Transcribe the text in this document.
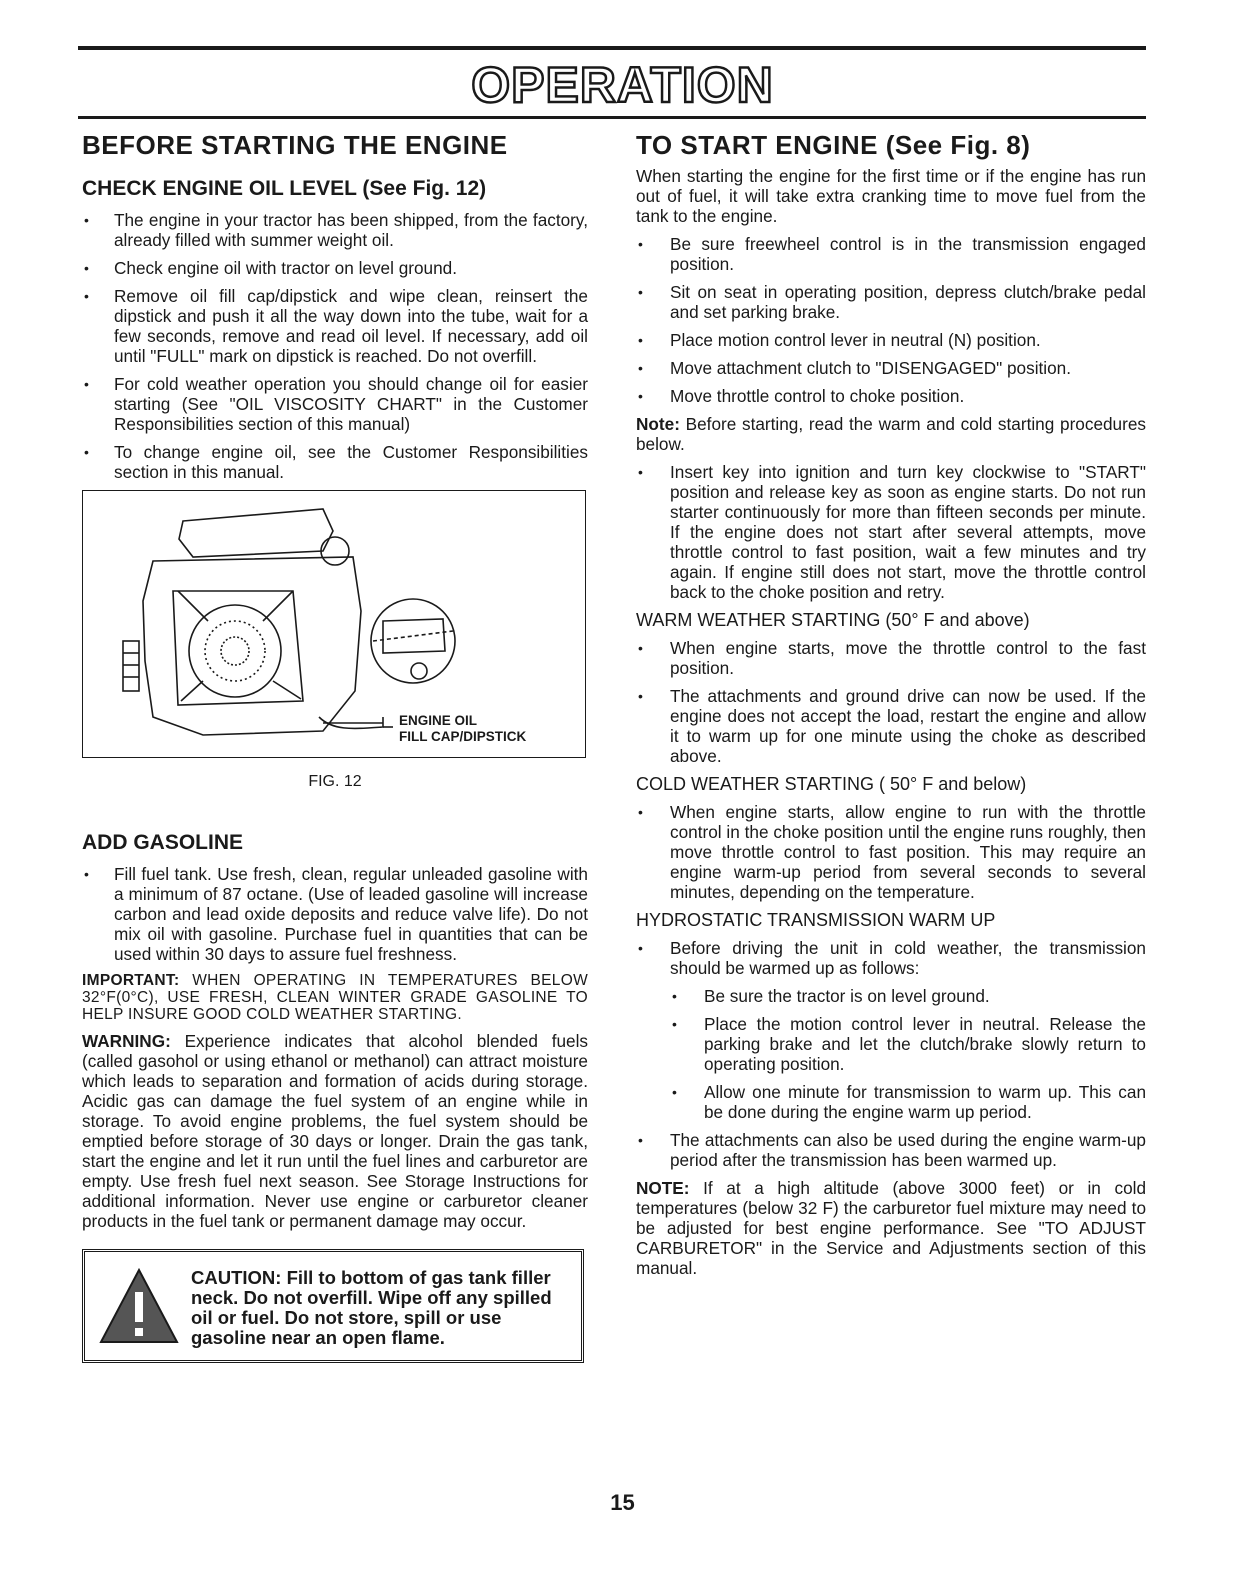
OPERATION
BEFORE STARTING THE ENGINE
CHECK ENGINE OIL LEVEL (See Fig. 12)
• The engine in your tractor has been shipped, from the factory, already filled with summer weight oil.
• Check engine oil with tractor on level ground.
• Remove oil fill cap/dipstick and wipe clean, reinsert the dipstick and push it all the way down into the tube, wait for a few seconds, remove and read oil level. If necessary, add oil until "FULL" mark on dipstick is reached. Do not overfill.
• For cold weather operation you should change oil for easier starting (See "OIL VISCOSITY CHART" in the Customer Responsibilities section of this manual)
• To change engine oil, see the Customer Responsibilities section in this manual.
ENGINE OIL
FILL CAP/DIPSTICK
FIG. 12
ADD GASOLINE
• Fill fuel tank. Use fresh, clean, regular unleaded gasoline with a minimum of 87 octane. (Use of leaded gasoline will increase carbon and lead oxide deposits and reduce valve life). Do not mix oil with gasoline. Purchase fuel in quantities that can be used within 30 days to assure fuel freshness.
IMPORTANT: WHEN OPERATING IN TEMPERATURES BELOW 32°F(0°C), USE FRESH, CLEAN WINTER GRADE GASOLINE TO HELP INSURE GOOD COLD WEATHER STARTING.

WARNING: Experience indicates that alcohol blended fuels (called gasohol or using ethanol or methanol) can attract moisture which leads to separation and formation of acids during storage. Acidic gas can damage the fuel system of an engine while in storage. To avoid engine problems, the fuel system should be emptied before storage of 30 days or longer. Drain the gas tank, start the engine and let it run until the fuel lines and carburetor are empty. Use fresh fuel next season. See Storage Instructions for additional information. Never use engine or carburetor cleaner products in the fuel tank or permanent damage may occur.

CAUTION: Fill to bottom of gas tank filler neck. Do not overfill. Wipe off any spilled oil or fuel. Do not store, spill or use gasoline near an open flame.
TO START ENGINE (See Fig. 8)

When starting the engine for the first time or if the engine has run out of fuel, it will take extra cranking time to move fuel from the tank to the engine.

• Be sure freewheel control is in the transmission engaged position.
• Sit on seat in operating position, depress clutch/brake pedal and set parking brake.
• Place motion control lever in neutral (N) position.
• Move attachment clutch to "DISENGAGED" position.
• Move throttle control to choke position.

Note: Before starting, read the warm and cold starting procedures below.

• Insert key into ignition and turn key clockwise to "START" position and release key as soon as engine starts. Do not run starter continuously for more than fifteen seconds per minute. If the engine does not start after several attempts, move throttle control to fast position, wait a few minutes and try again. If engine still does not start, move the throttle control back to the choke position and retry.
WARM WEATHER STARTING (50° F and above)
• When engine starts, move the throttle control to the fast position.
• The attachments and ground drive can now be used. If the engine does not accept the load, restart the engine and allow it to warm up for one minute using the choke as described above.
COLD WEATHER STARTING ( 50° F and below)
• When engine starts, allow engine to run with the throttle control in the choke position until the engine runs roughly, then move throttle control to fast position. This may require an engine warm-up period from several seconds to several minutes, depending on the temperature.
HYDROSTATIC TRANSMISSION WARM UP
• Before driving the unit in cold weather, the transmission should be warmed up as follows:
• Be sure the tractor is on level ground.
• Place the motion control lever in neutral. Release the parking brake and let the clutch/brake slowly return to operating position.
• Allow one minute for transmission to warm up. This can be done during the engine warm up period.
• The attachments can also be used during the engine warm-up period after the transmission has been warmed up.

NOTE: If at a high altitude (above 3000 feet) or in cold temperatures (below 32 F) the carburetor fuel mixture may need to be adjusted for best engine performance. See "TO ADJUST CARBURETOR" in the Service and Adjustments section of this manual.

15
